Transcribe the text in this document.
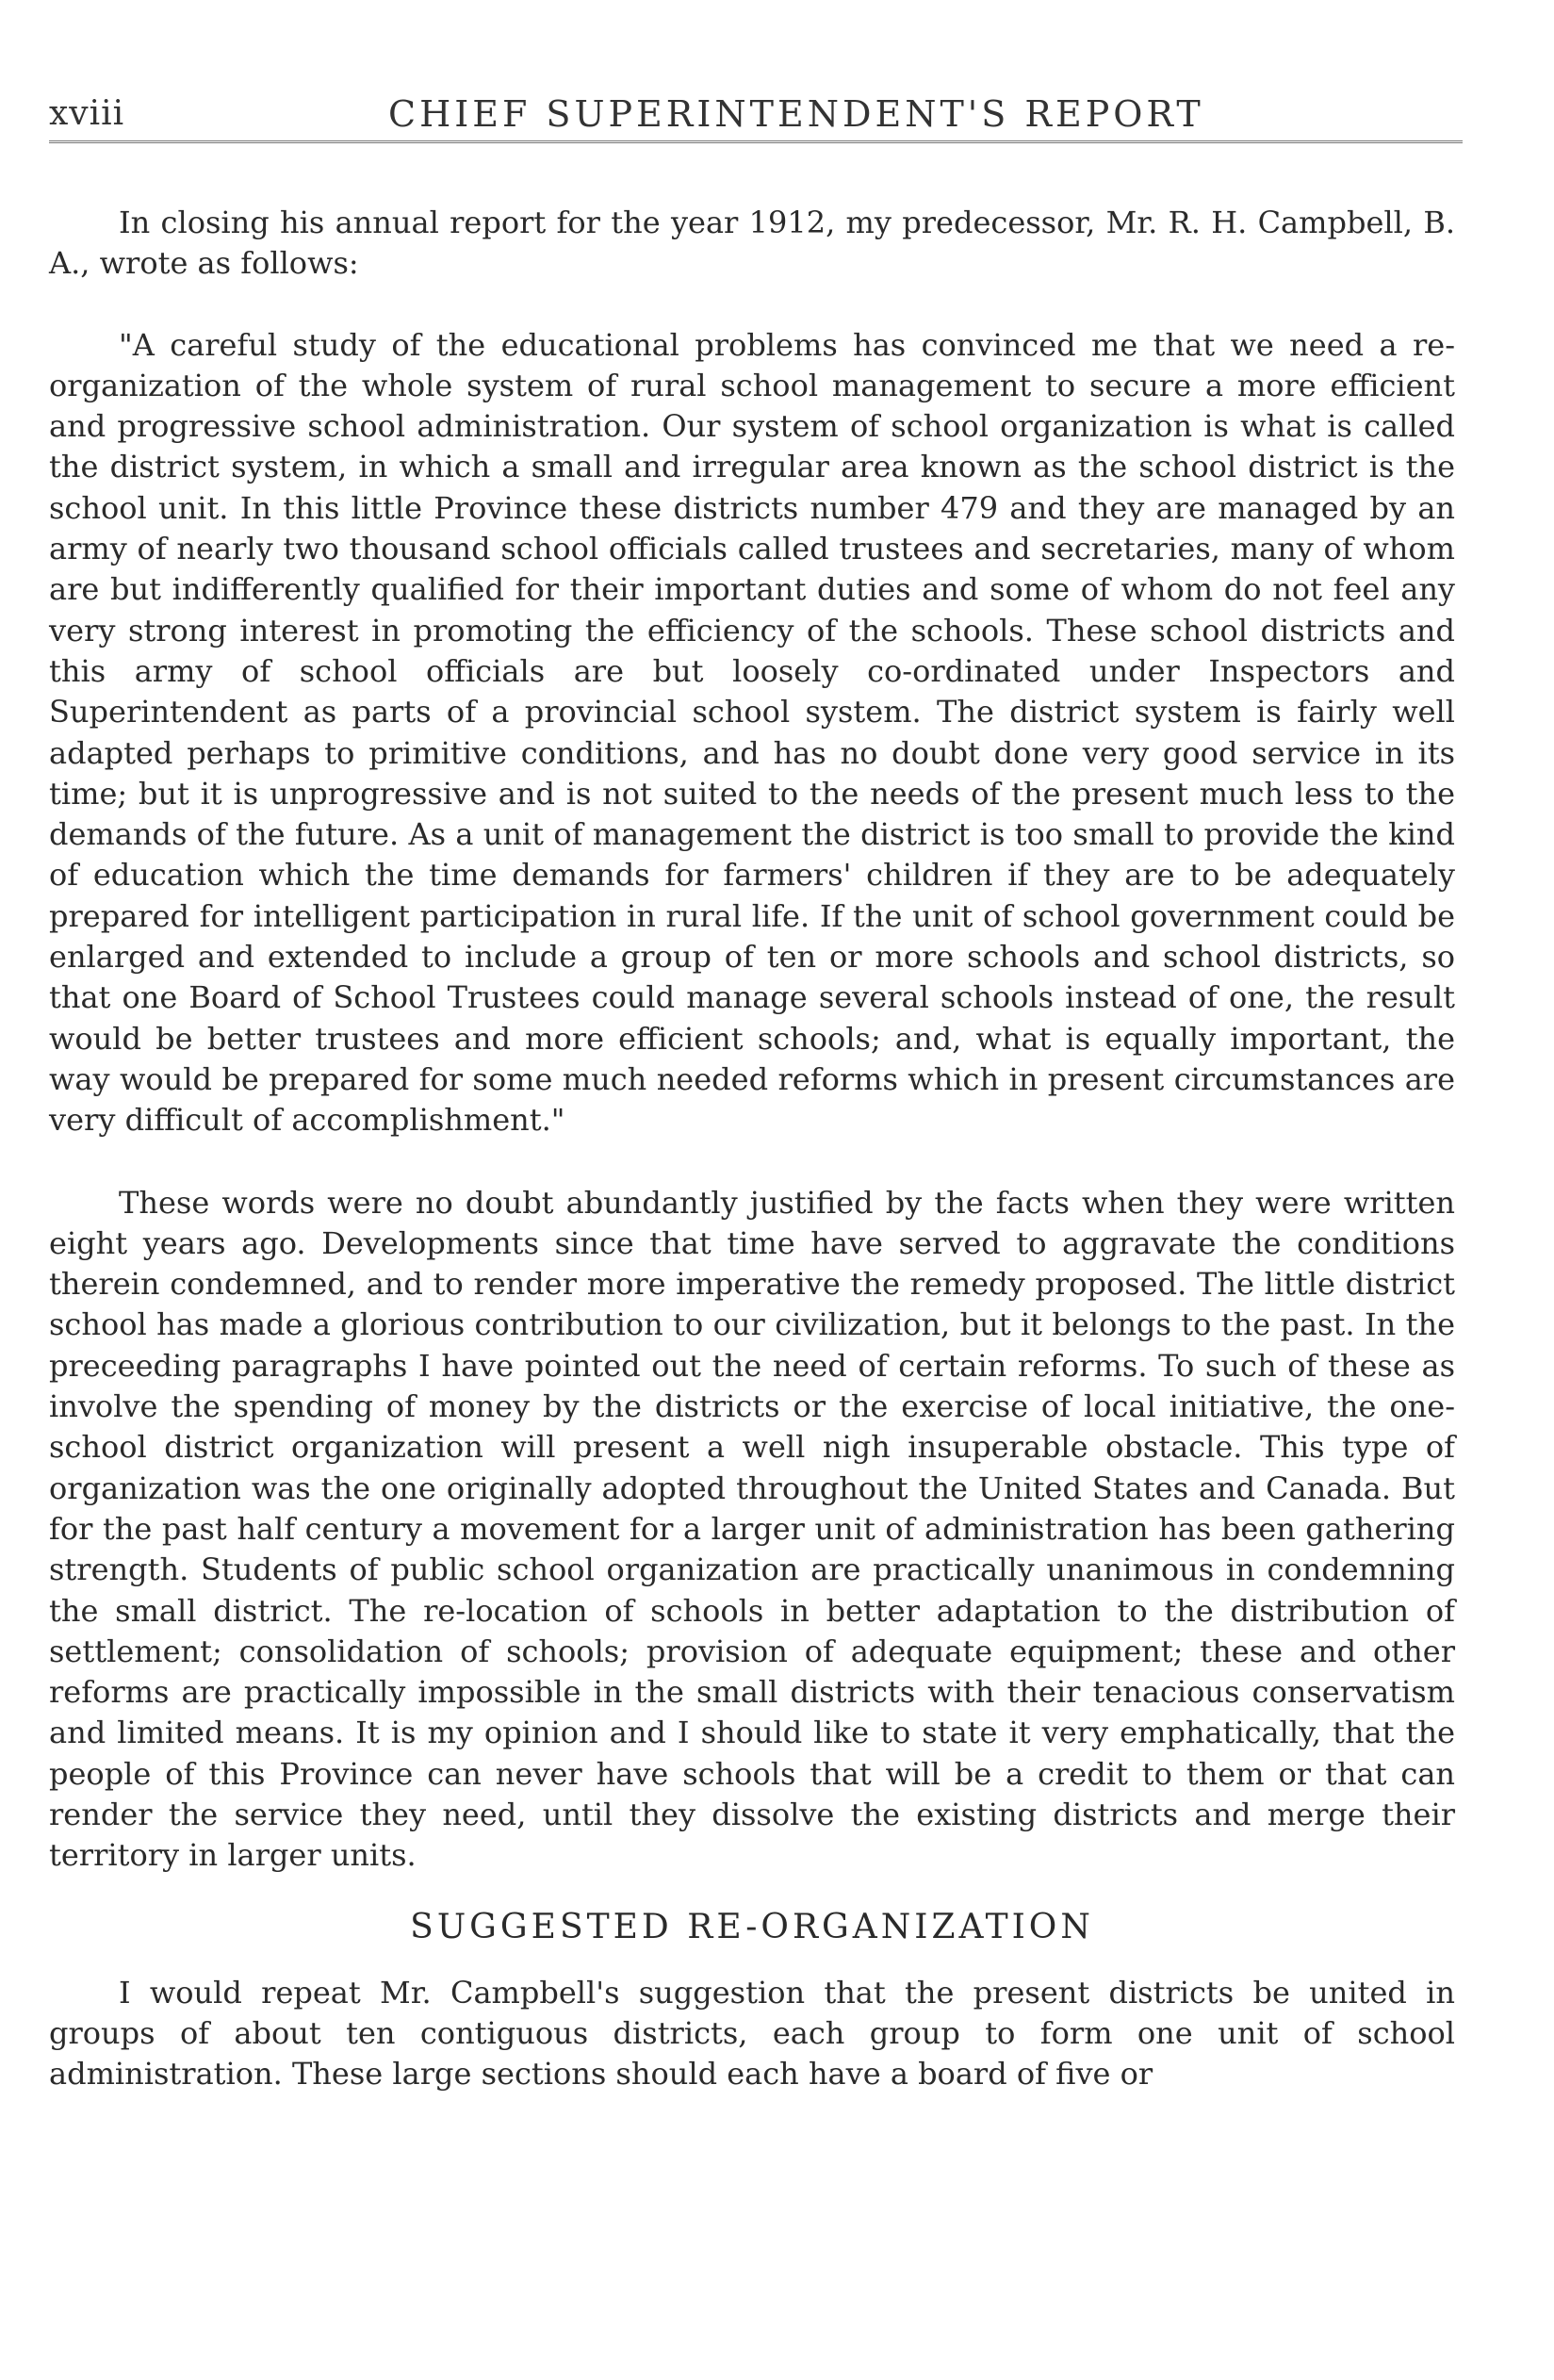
xviii	CHIEF SUPERINTENDENT'S REPORT

In closing his annual report for the year 1912, my predecessor, Mr. R. H. Campbell, B. A., wrote as follows:

"A careful study of the educational problems has convinced me that we need a re-organization of the whole system of rural school management to secure a more efficient and progressive school administration. Our system of school organization is what is called the district system, in which a small and irregular area known as the school district is the school unit. In this little Province these districts number 479 and they are managed by an army of nearly two thousand school officials called trustees and secretaries, many of whom are but indifferently qualified for their important duties and some of whom do not feel any very strong interest in promoting the efficiency of the schools. These school districts and this army of school officials are but loosely co-ordinated under Inspectors and Superintendent as parts of a provincial school system. The district system is fairly well adapted perhaps to primitive conditions, and has no doubt done very good service in its time; but it is unprogressive and is not suited to the needs of the present much less to the demands of the future. As a unit of management the district is too small to provide the kind of education which the time demands for farmers' children if they are to be adequately prepared for intelligent participation in rural life. If the unit of school government could be enlarged and extended to include a group of ten or more schools and school districts, so that one Board of School Trustees could manage several schools instead of one, the result would be better trustees and more efficient schools; and, what is equally important, the way would be prepared for some much needed reforms which in present circumstances are very difficult of accomplishment."

These words were no doubt abundantly justified by the facts when they were written eight years ago. Developments since that time have served to aggravate the conditions therein condemned, and to render more imperative the remedy proposed. The little district school has made a glorious contribution to our civilization, but it belongs to the past. In the preceeding paragraphs I have pointed out the need of certain reforms. To such of these as involve the spending of money by the districts or the exercise of local initiative, the one-school district organization will present a well nigh insuperable obstacle. This type of organization was the one originally adopted throughout the United States and Canada. But for the past half century a movement for a larger unit of administration has been gathering strength. Students of public school organization are practically unanimous in condemning the small district. The re-location of schools in better adaptation to the distribution of settlement; consolidation of schools; provision of adequate equipment; these and other reforms are practically impossible in the small districts with their tenacious conservatism and limited means. It is my opinion and I should like to state it very emphatically, that the people of this Province can never have schools that will be a credit to them or that can render the service they need, until they dissolve the existing districts and merge their territory in larger units.

SUGGESTED RE-ORGANIZATION

I would repeat Mr. Campbell's suggestion that the present districts be united in groups of about ten contiguous districts, each group to form one unit of school administration. These large sections should each have a board of five or
